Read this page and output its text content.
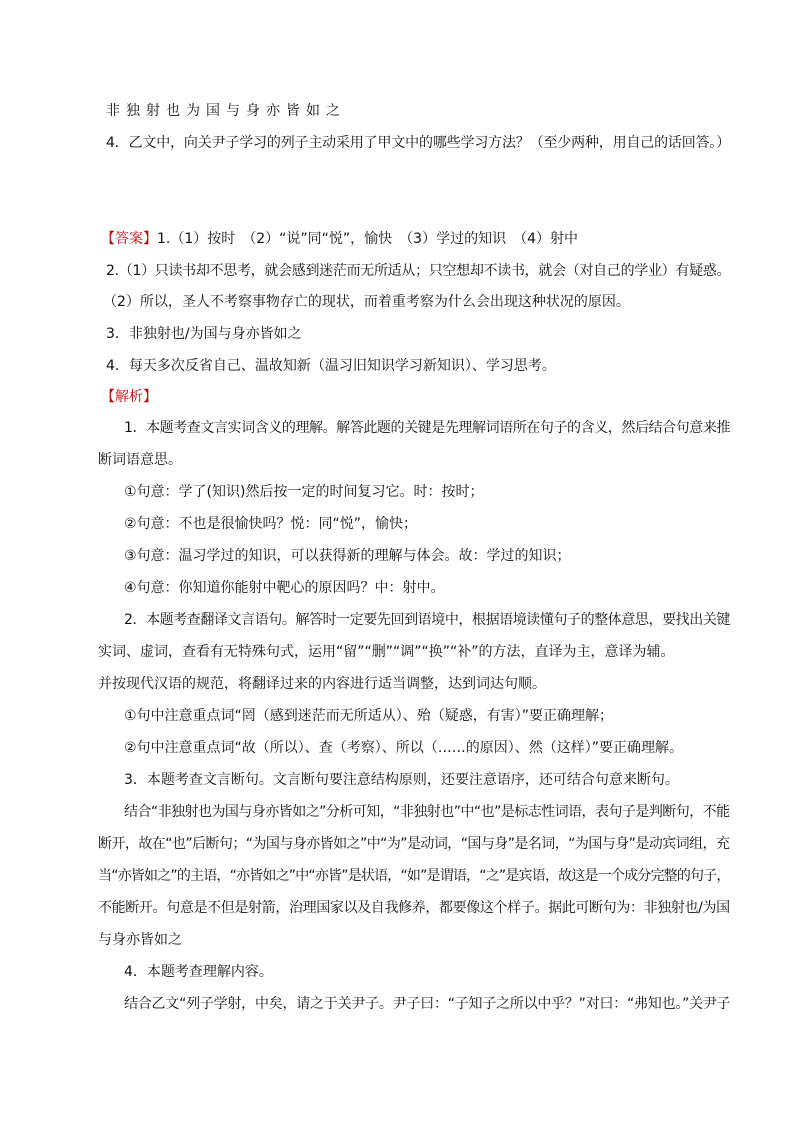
非独射也为国与身亦皆如之
4．乙文中，向关尹子学习的列子主动采用了甲文中的哪些学习方法？（至少两种，用自己的话回答。）
【答案】1.（1）按时　（2）“说”同“悦”，愉快　（3）学过的知识　（4）射中
2.（1）只读书却不思考，就会感到迷茫而无所适从；只空想却不读书，就会（对自己的学业）有疑惑。
（2）所以，圣人不考察事物存亡的现状，而着重考察为什么会出现这种状况的原因。
3．非独射也/为国与身亦皆如之
4．每天多次反省自己、温故知新（温习旧知识学习新知识）、学习思考。
【解析】
1．本题考查文言实词含义的理解。解答此题的关键是先理解词语所在句子的含义，然后结合句意来推
断词语意思。
①句意：学了(知识)然后按一定的时间复习它。时：按时；
②句意：不也是很愉快吗？悦：同“悦”，愉快；
③句意：温习学过的知识，可以获得新的理解与体会。故：学过的知识；
④句意：你知道你能射中靶心的原因吗？中：射中。
2．本题考查翻译文言语句。解答时一定要先回到语境中，根据语境读懂句子的整体意思，要找出关键
实词、虚词，查看有无特殊句式，运用“留”“删”“调”“换”“补”的方法，直译为主，意译为辅。
并按现代汉语的规范，将翻译过来的内容进行适当调整，达到词达句顺。
①句中注意重点词“罔（感到迷茫而无所适从）、殆（疑惑，有害）”要正确理解；
②句中注意重点词“故（所以）、查（考察）、所以（……的原因）、然（这样）”要正确理解。
3．本题考查文言断句。文言断句要注意结构原则，还要注意语序，还可结合句意来断句。
结合“非独射也为国与身亦皆如之”分析可知，“非独射也”中“也”是标志性词语，表句子是判断句，不能
断开，故在“也”后断句；“为国与身亦皆如之”中“为”是动词，“国与身”是名词，“为国与身”是动宾词组，充
当“亦皆如之”的主语，“亦皆如之”中“亦皆”是状语，“如”是谓语，“之”是宾语，故这是一个成分完整的句子，
不能断开。句意是不但是射箭，治理国家以及自我修养，都要像这个样子。据此可断句为：非独射也/为国
与身亦皆如之
4．本题考查理解内容。
结合乙文“列子学射，中矣，请之于关尹子。尹子曰：“子知子之所以中乎？”对曰：“弗知也。”关尹子
